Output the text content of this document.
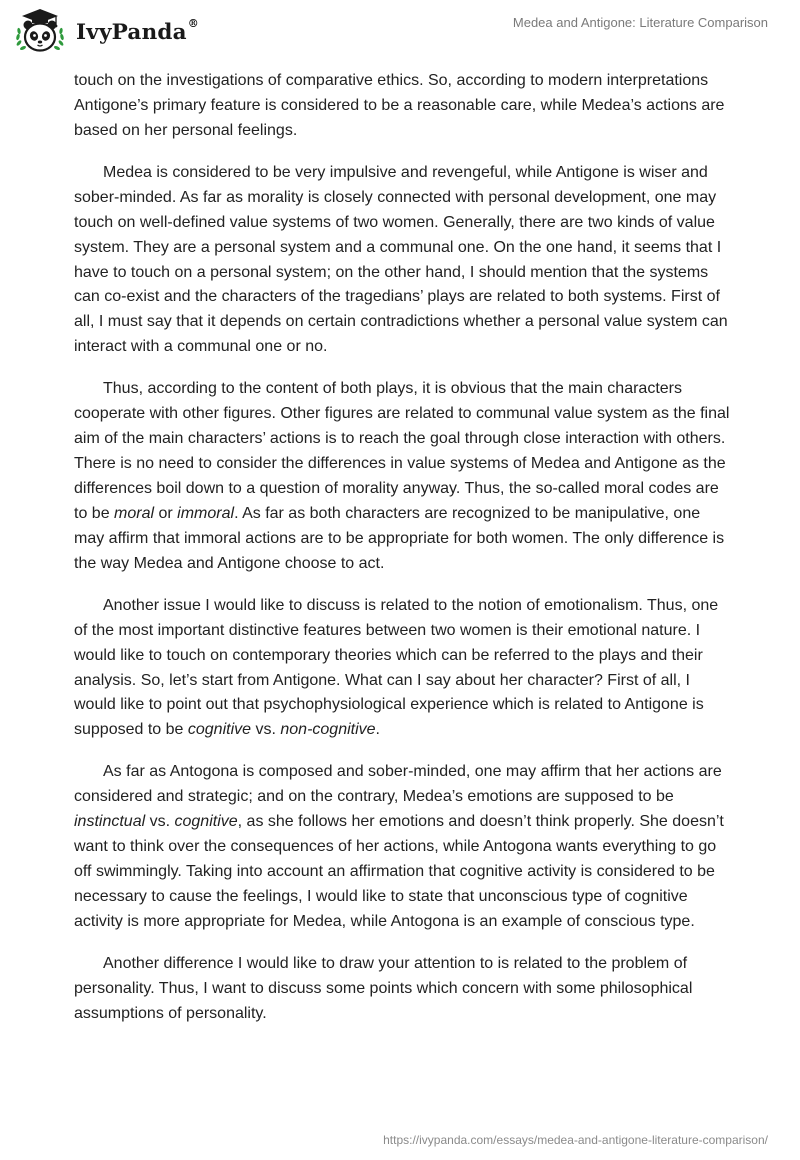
IvyPanda®	Medea and Antigone: Literature Comparison

touch on the investigations of comparative ethics. So, according to modern interpretations Antigone’s primary feature is considered to be a reasonable care, while Medea’s actions are based on her personal feelings.

Medea is considered to be very impulsive and revengeful, while Antigone is wiser and sober-minded. As far as morality is closely connected with personal development, one may touch on well-defined value systems of two women. Generally, there are two kinds of value system. They are a personal system and a communal one. On the one hand, it seems that I have to touch on a personal system; on the other hand, I should mention that the systems can co-exist and the characters of the tragedians’ plays are related to both systems. First of all, I must say that it depends on certain contradictions whether a personal value system can interact with a communal one or no.

Thus, according to the content of both plays, it is obvious that the main characters cooperate with other figures. Other figures are related to communal value system as the final aim of the main characters’ actions is to reach the goal through close interaction with others. There is no need to consider the differences in value systems of Medea and Antigone as the differences boil down to a question of morality anyway. Thus, the so-called moral codes are to be moral or immoral. As far as both characters are recognized to be manipulative, one may affirm that immoral actions are to be appropriate for both women. The only difference is the way Medea and Antigone choose to act.

Another issue I would like to discuss is related to the notion of emotionalism. Thus, one of the most important distinctive features between two women is their emotional nature. I would like to touch on contemporary theories which can be referred to the plays and their analysis. So, let’s start from Antigone. What can I say about her character? First of all, I would like to point out that psychophysiological experience which is related to Antigone is supposed to be cognitive vs. non-cognitive.

As far as Antogona is composed and sober-minded, one may affirm that her actions are considered and strategic; and on the contrary, Medea’s emotions are supposed to be instinctual vs. cognitive, as she follows her emotions and doesn’t think properly. She doesn’t want to think over the consequences of her actions, while Antogona wants everything to go off swimmingly. Taking into account an affirmation that cognitive activity is considered to be necessary to cause the feelings, I would like to state that unconscious type of cognitive activity is more appropriate for Medea, while Antogona is an example of conscious type.

Another difference I would like to draw your attention to is related to the problem of personality. Thus, I want to discuss some points which concern with some philosophical assumptions of personality.

https://ivypanda.com/essays/medea-and-antigone-literature-comparison/
